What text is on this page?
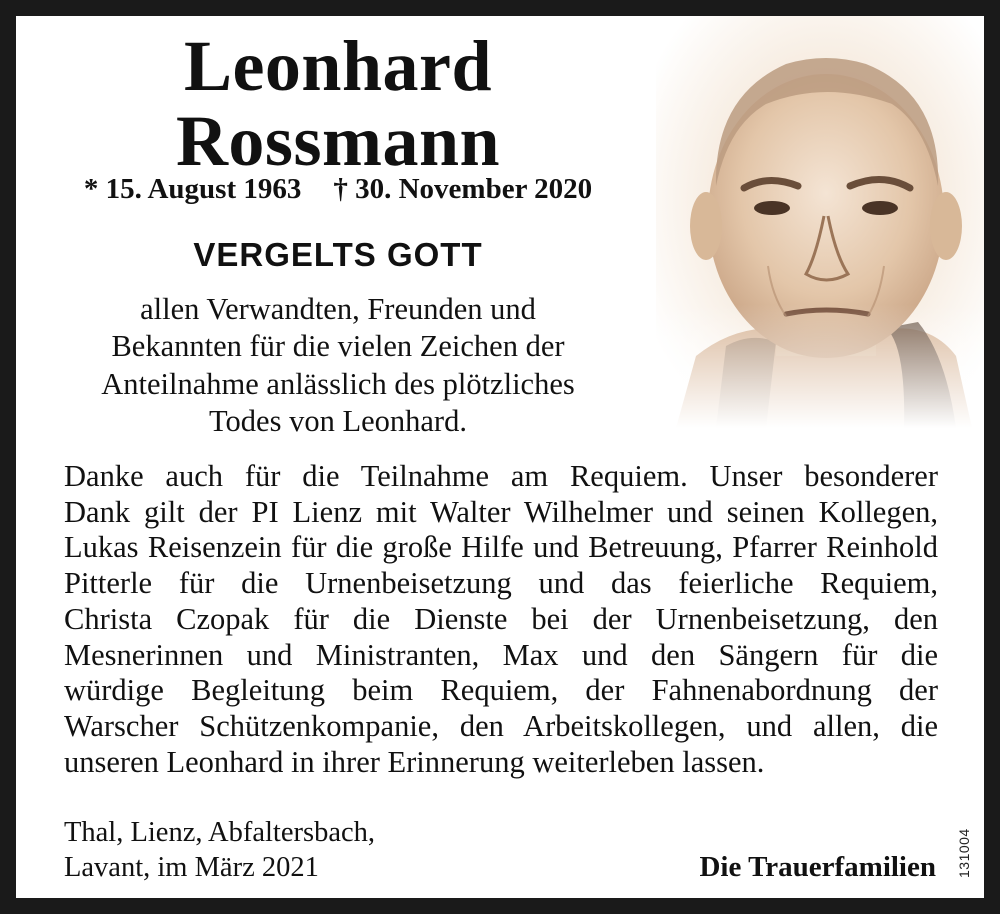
Leonhard
Rossmann
* 15. August 1963 † 30. November 2020
VERGELTS GOTT
allen Verwandten, Freunden und
Bekannten für die vielen Zeichen der
Anteilnahme anlässlich des plötzliches
Todes von Leonhard.
Danke auch für die Teilnahme am Requiem. Unser besonderer
Dank gilt der PI Lienz mit Walter Wilhelmer und seinen Kollegen,
Lukas Reisenzein für die große Hilfe und Betreuung, Pfarrer Reinhold
Pitterle für die Urnenbeisetzung und das feierliche Requiem,
Christa Czopak für die Dienste bei der Urnenbeisetzung, den
Mesnerinnen und Ministranten, Max und den Sängern für die
würdige Begleitung beim Requiem, der Fahnenabordnung der
Warscher Schützenkompanie, den Arbeitskollegen, und allen, die
unseren Leonhard in ihrer Erinnerung weiterleben lassen.
Thal, Lienz, Abfaltersbach,
Lavant, im März 2021	Die Trauerfamilien 131004
